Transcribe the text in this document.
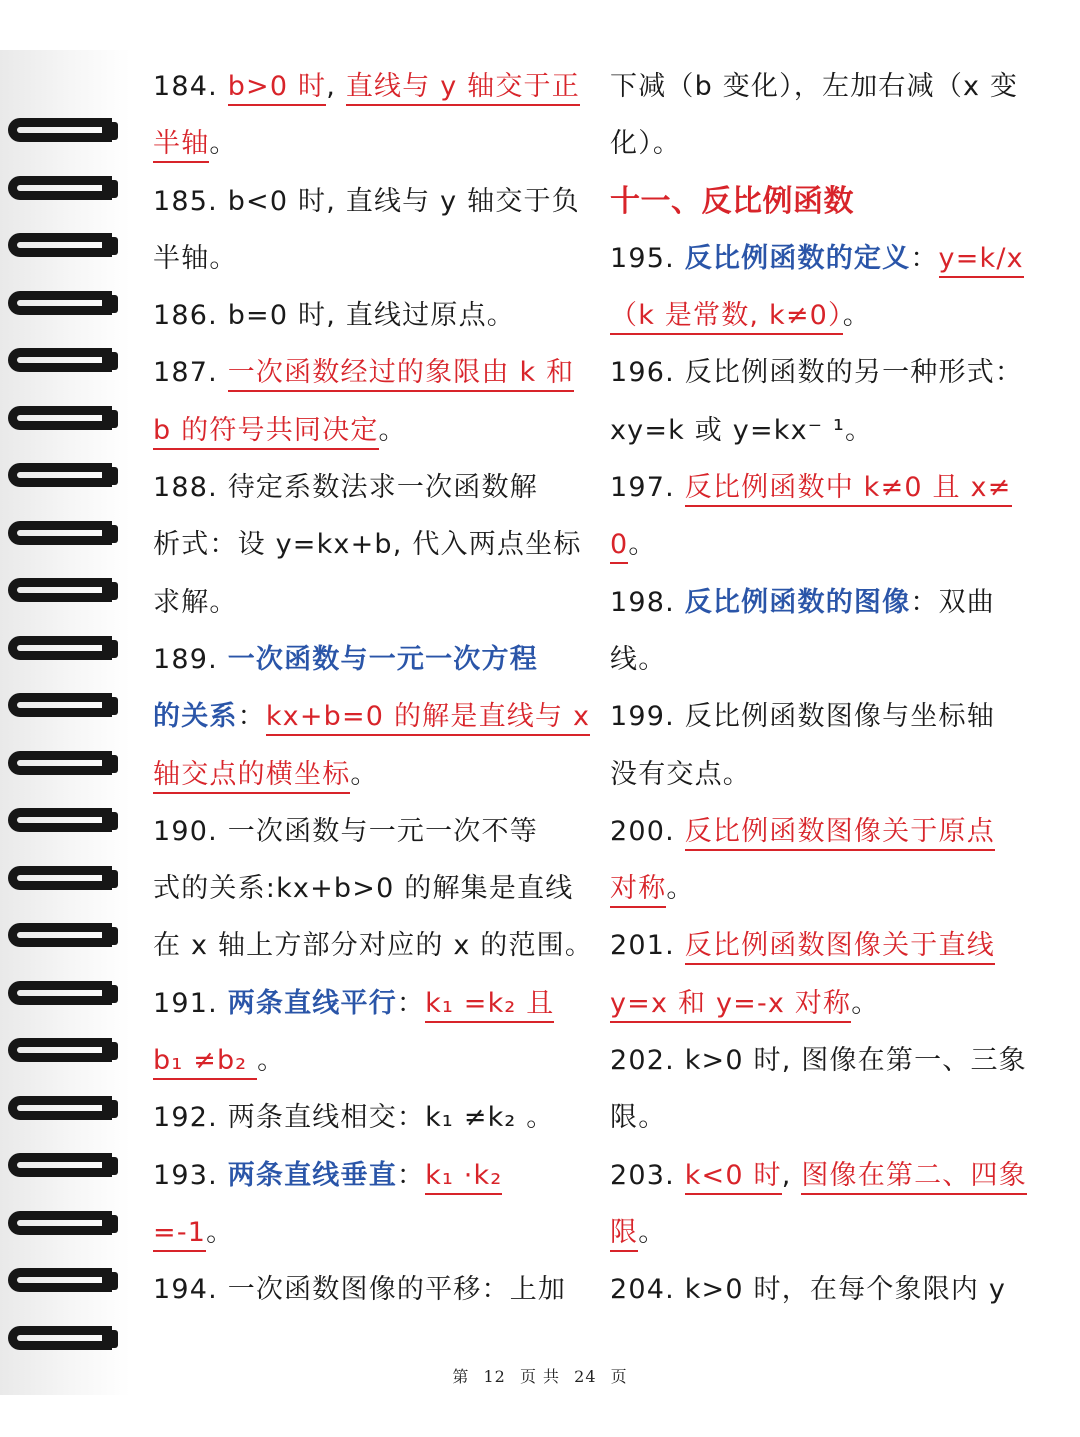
184. b>0 时, 直线与 y 轴交于正
半轴。
185. b<0 时, 直线与 y 轴交于负
半轴。
186. b=0 时, 直线过原点。
187. 一次函数经过的象限由 k 和
b 的符号共同决定。
188. 待定系数法求一次函数解
析式：设 y=kx+b, 代入两点坐标
求解。
189. 一次函数与一元一次方程
的关系：kx+b=0 的解是直线与 x
轴交点的横坐标。
190. 一次函数与一元一次不等
式的关系:kx+b>0 的解集是直线
在 x 轴上方部分对应的 x 的范围。
191. 两条直线平行：k₁ =k₂ 且
b₁ ≠b₂ 。
192. 两条直线相交：k₁ ≠k₂ 。
193. 两条直线垂直：k₁ ·k₂
=-1。
194. 一次函数图像的平移：上加
下减（b 变化），左加右减（x 变
化）。
十一、反比例函数
195. 反比例函数的定义：y=k/x
（k 是常数, k≠0）。
196. 反比例函数的另一种形式：
xy=k 或 y=kx⁻ ¹。
197. 反比例函数中 k≠0 且 x≠
0。
198. 反比例函数的图像：双曲
线。
199. 反比例函数图像与坐标轴
没有交点。
200. 反比例函数图像关于原点
对称。
201. 反比例函数图像关于直线
y=x 和 y=-x 对称。
202. k>0 时, 图像在第一、三象
限。
203. k<0 时, 图像在第二、四象
限。
204. k>0 时，在每个象限内 y
第 12 页 共 24 页
